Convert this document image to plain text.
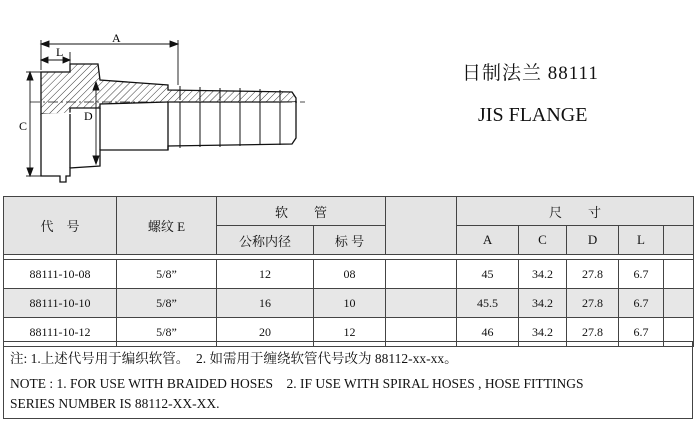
A
L
C
D
日制法兰 88111
JIS FLANGE
代　号	螺纹 E	软　　管			尺　　寸				
		公称内径	标 号		A	C	D	L	

88111-10-08	5/8”	12	08		45	34.2	27.8	6.7	
88111-10-10	5/8”	16	10		45.5	34.2	27.8	6.7	
88111-10-12	5/8”	20	12		46	34.2	27.8	6.7	
注: 1.上述代号用于编织软管。　2. 如需用于缠绕软管代号改为 88112-xx-xx。
NOTE : 1. FOR USE WITH BRAIDED HOSES　2. IF USE WITH SPIRAL HOSES , HOSE FITTINGS
SERIES NUMBER IS 88112-XX-XX.
